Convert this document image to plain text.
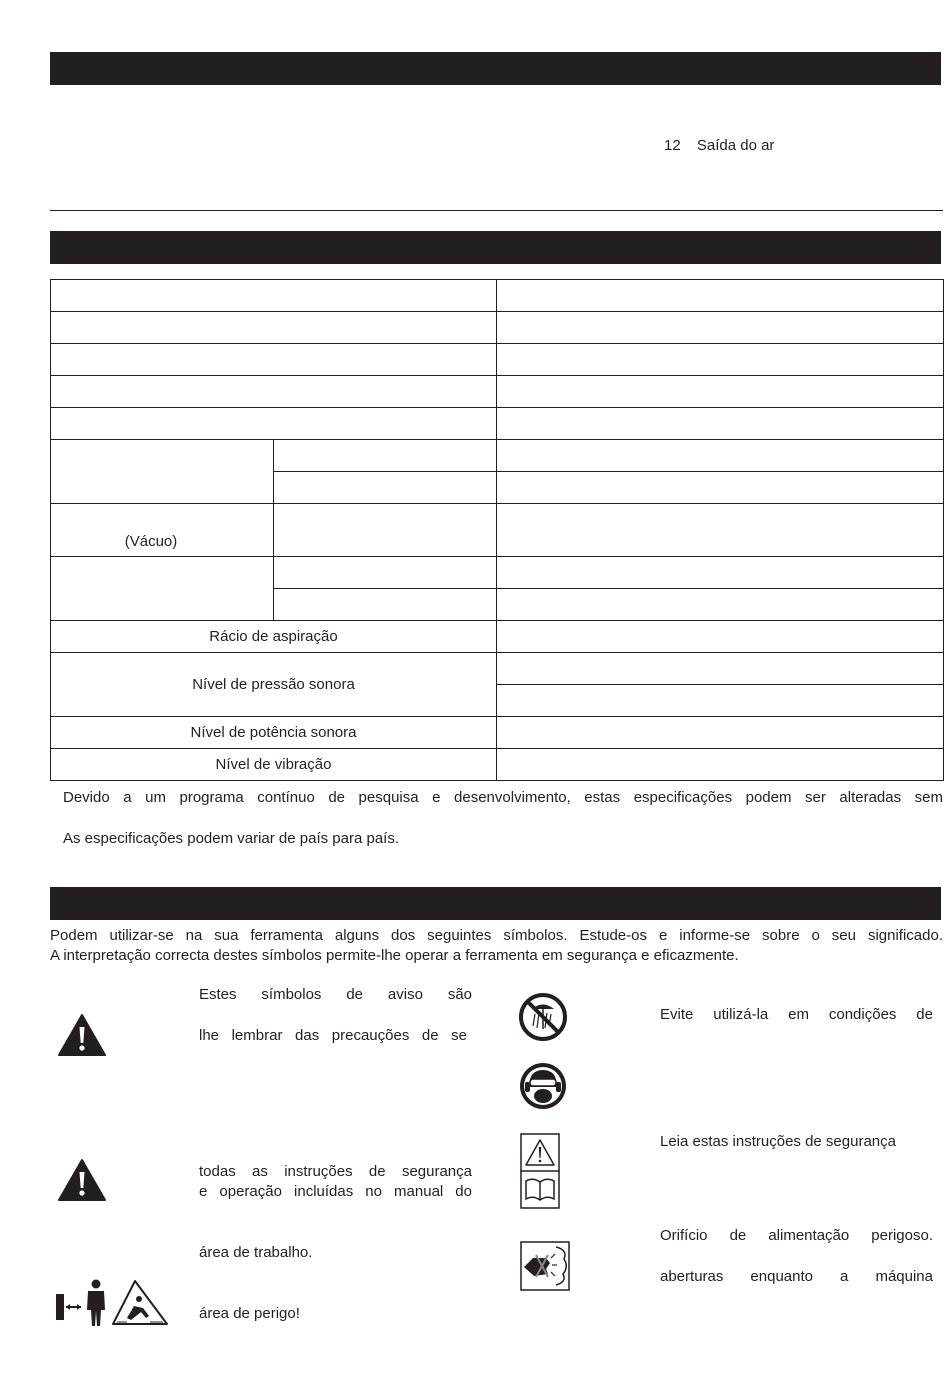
12 Saída do ar

(Vácuo)		

Rácio de aspiração		
Nível de pressão sonora		

Nível de potência sonora		
Nível de vibração		
Devido a um programa contínuo de pesquisa e desenvolvimento, estas especificações podem ser alteradas sem
As especificações podem variar de país para país.
Podem utilizar-se na sua ferramenta alguns dos seguintes símbolos. Estude-os e informe-se sobre o seu significado.
A interpretação correcta destes símbolos permite-lhe operar a ferramenta em segurança e eficazmente.
Estes símbolos de aviso são
lhe lembrar das precauções de se
todas as instruções de segurança
e operação incluídas no manual do
área de trabalho.
área de perigo!
Evite utilizá-la em condições de
Leia estas instruções de segurança
Orifício de alimentação perigoso.
aberturas enquanto a máquina
